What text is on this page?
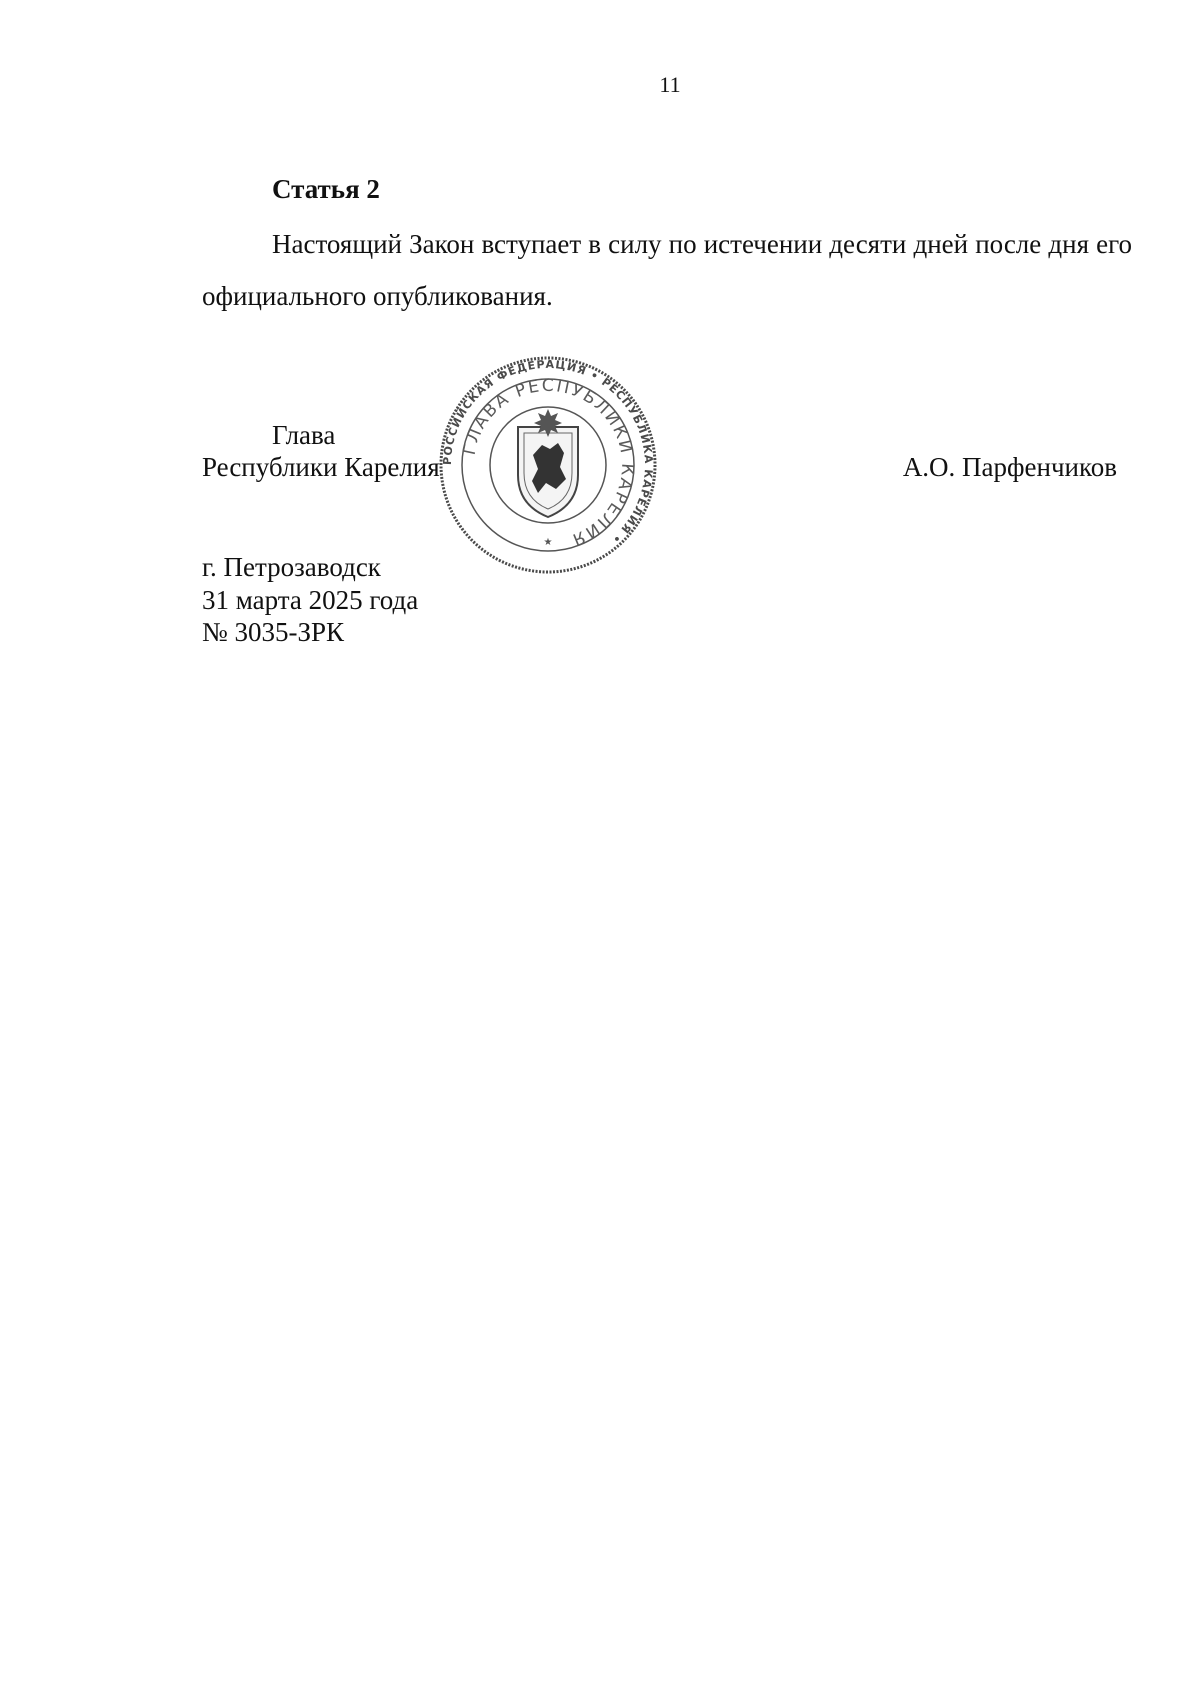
11
Статья 2

Настоящий Закон вступает в силу по истечении десяти дней после дня его официального опубликования.

Глава
Республики Карелия РОССИЙСКАЯ ФЕДЕРАЦИЯ • РЕСПУБЛИКА КАРЕЛИЯ •
ГЛАВА РЕСПУБЛИКИ КАРЕЛИЯ
★
А.О. Парфенчиков
г. Петрозаводск
31 марта 2025 года
№ 3035-ЗРК
